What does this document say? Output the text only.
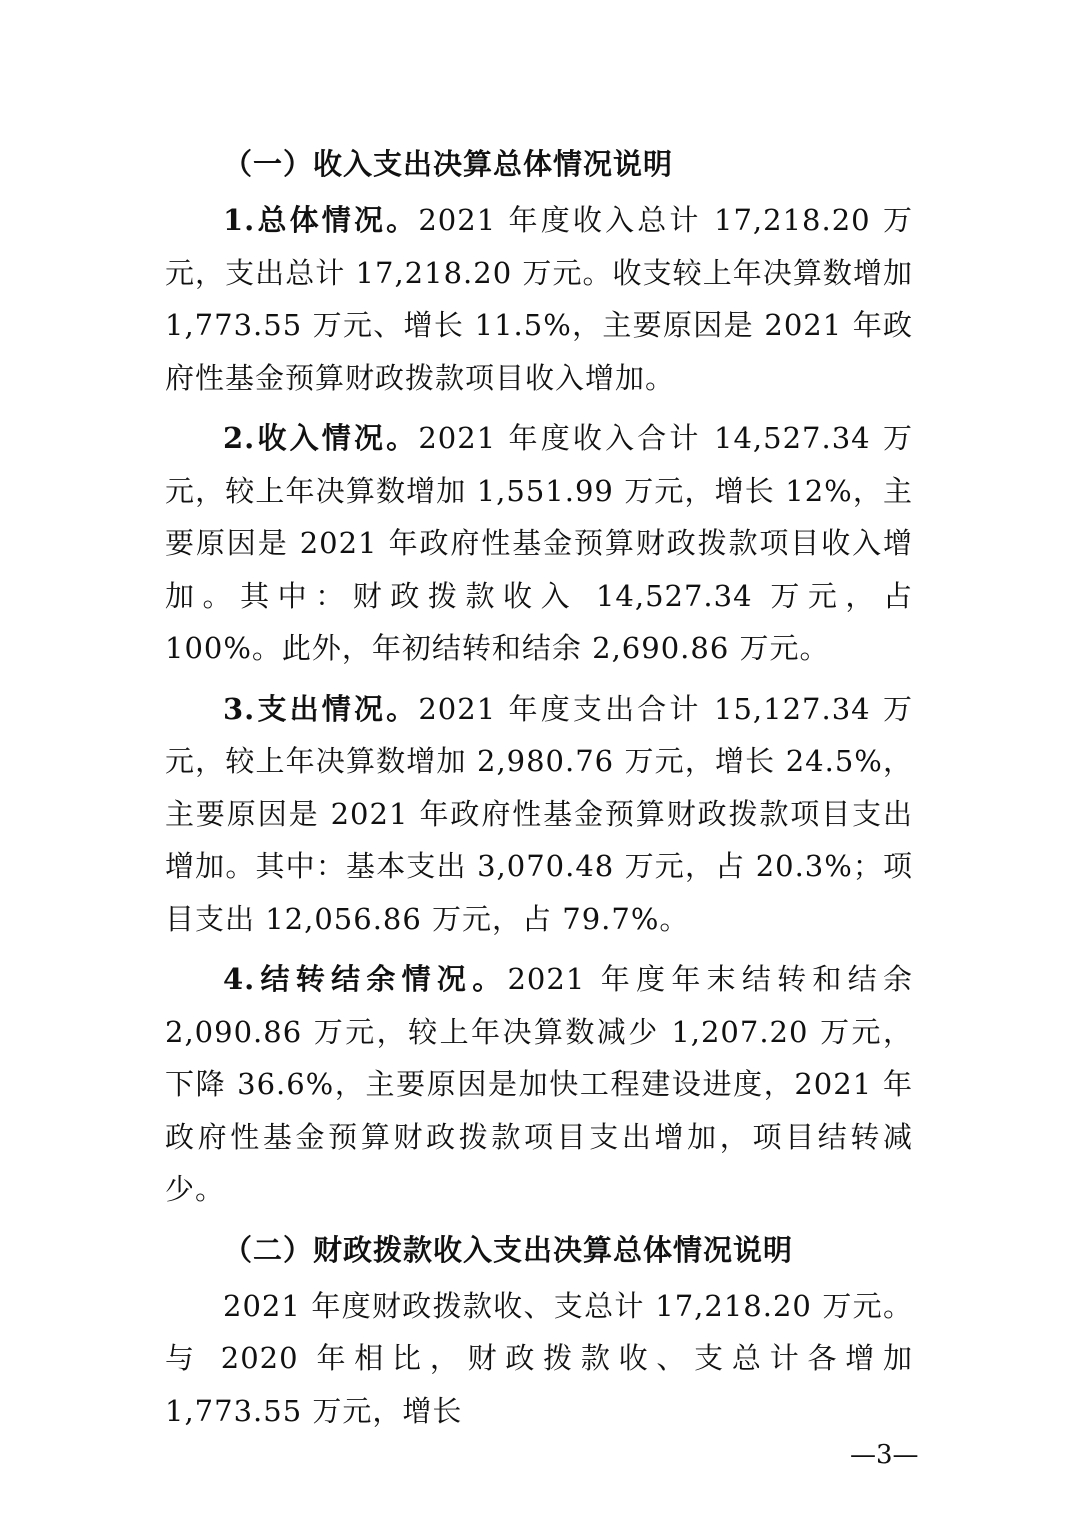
（一）收入支出决算总体情况说明

1.总体情况。2021 年度收入总计 17,218.20 万元，支出总计 17,218.20 万元。收支较上年决算数增加 1,773.55 万元、增长 11.5%，主要原因是 2021 年政府性基金预算财政拨款项目收入增加。

2.收入情况。2021 年度收入合计 14,527.34 万元，较上年决算数增加 1,551.99 万元，增长 12%，主要原因是 2021 年政府性基金预算财政拨款项目收入增加。其中：财政拨款收入 14,527.34 万元，占 100%。此外，年初结转和结余 2,690.86 万元。

3.支出情况。2021 年度支出合计 15,127.34 万元，较上年决算数增加 2,980.76 万元，增长 24.5%，主要原因是 2021 年政府性基金预算财政拨款项目支出增加。其中：基本支出 3,070.48 万元，占 20.3%；项目支出 12,056.86 万元，占 79.7%。

4.结转结余情况。2021 年度年末结转和结余 2,090.86 万元，较上年决算数减少 1,207.20 万元，下降 36.6%，主要原因是加快工程建设进度，2021 年政府性基金预算财政拨款项目支出增加，项目结转减少。

（二）财政拨款收入支出决算总体情况说明

2021 年度财政拨款收、支总计 17,218.20 万元。与 2020 年相比，财政拨款收、支总计各增加 1,773.55 万元，增长

—3—
